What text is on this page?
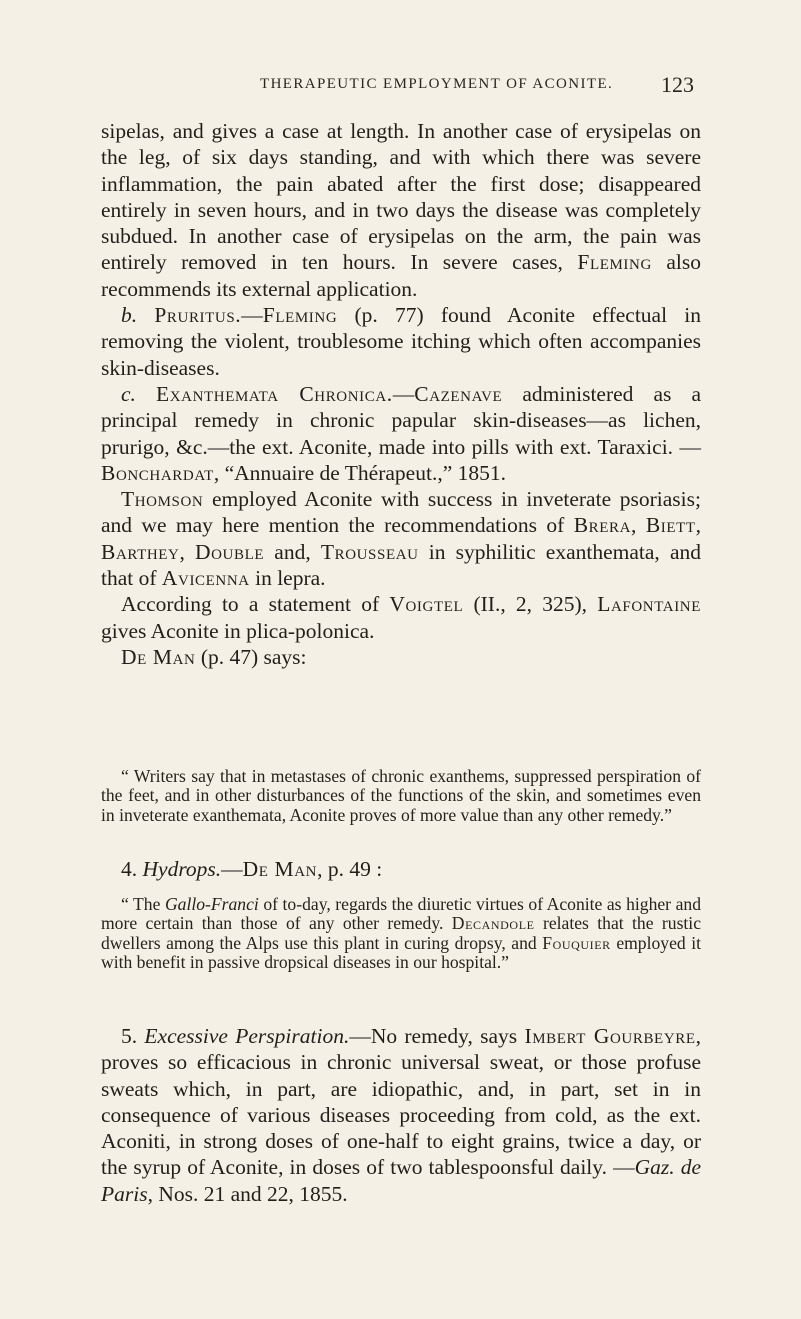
THERAPEUTIC EMPLOYMENT OF ACONITE. 123

sipelas, and gives a case at length. In another case of erysipelas on the leg, of six days standing, and with which there was severe inflammation, the pain abated after the first dose; disappeared entirely in seven hours, and in two days the disease was completely subdued. In another case of erysipelas on the arm, the pain was entirely removed in ten hours. In severe cases, Fleming also recommends its external application.

b. Pruritus.—Fleming (p. 77) found Aconite effectual in removing the violent, troublesome itching which often accompanies skin-diseases.

c. Exanthemata Chronica.—Cazenave administered as a principal remedy in chronic papular skin-diseases—as lichen, prurigo, &c.—the ext. Aconite, made into pills with ext. Taraxici. —Bonchardat, “Annuaire de Thérapeut.,” 1851.

Thomson employed Aconite with success in inveterate psoriasis; and we may here mention the recommendations of Brera, Biett, Barthey, Double and, Trousseau in syphilitic exanthemata, and that of Avicenna in lepra.

According to a statement of Voigtel (II., 2, 325), Lafontaine gives Aconite in plica-polonica.

De Man (p. 47) says:

“ Writers say that in metastases of chronic exanthems, suppressed perspiration of the feet, and in other disturbances of the functions of the skin, and sometimes even in inveterate exanthemata, Aconite proves of more value than any other remedy.”

4. Hydrops.—De Man, p. 49 :

“ The Gallo-Franci of to-day, regards the diuretic virtues of Aconite as higher and more certain than those of any other remedy. Decandole relates that the rustic dwellers among the Alps use this plant in curing dropsy, and Fouquier employed it with benefit in passive dropsical diseases in our hospital.”

5. Excessive Perspiration.—No remedy, says Imbert Gourbeyre, proves so efficacious in chronic universal sweat, or those profuse sweats which, in part, are idiopathic, and, in part, set in in consequence of various diseases proceeding from cold, as the ext. Aconiti, in strong doses of one-half to eight grains, twice a day, or the syrup of Aconite, in doses of two tablespoonsful daily. —Gaz. de Paris, Nos. 21 and 22, 1855.
